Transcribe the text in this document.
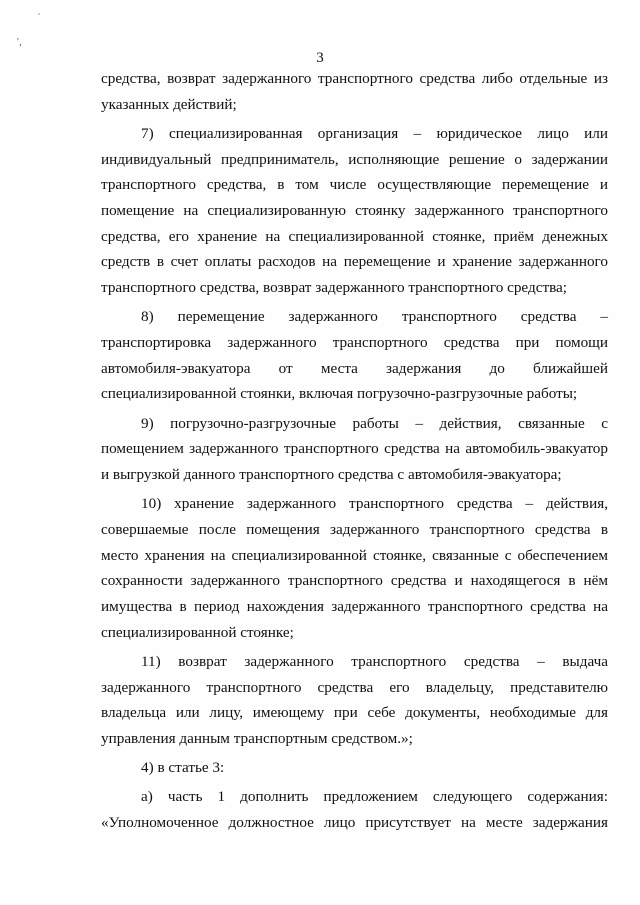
˙
'‚
3

средства, возврат задержанного транспортного средства либо отдельные из указанных действий;

7) специализированная организация – юридическое лицо или индивидуальный предприниматель, исполняющие решение о задержании транспортного средства, в том числе осуществляющие перемещение и помещение на специализированную стоянку задержанного транспортного средства, его хранение на специализированной стоянке, приём денежных средств в счет оплаты расходов на перемещение и хранение задержанного транспортного средства, возврат задержанного транспортного средства;

8) перемещение задержанного транспортного средства – транспортировка задержанного транспортного средства при помощи автомобиля-эвакуатора от места задержания до ближайшей специализированной стоянки, включая погрузочно-разгрузочные работы;

9) погрузочно-разгрузочные работы – действия, связанные с помещением задержанного транспортного средства на автомобиль-эвакуатор и выгрузкой данного транспортного средства с автомобиля-эвакуатора;

10) хранение задержанного транспортного средства – действия, совершаемые после помещения задержанного транспортного средства в место хранения на специализированной стоянке, связанные с обеспечением сохранности задержанного транспортного средства и находящегося в нём имущества в период нахождения задержанного транспортного средства на специализированной стоянке;

11) возврат задержанного транспортного средства – выдача задержанного транспортного средства его владельцу, представителю владельца или лицу, имеющему при себе документы, необходимые для управления данным транспортным средством.»;

4) в статье 3:

а) часть 1 дополнить предложением следующего содержания: «Уполномоченное должностное лицо присутствует на месте задержания
